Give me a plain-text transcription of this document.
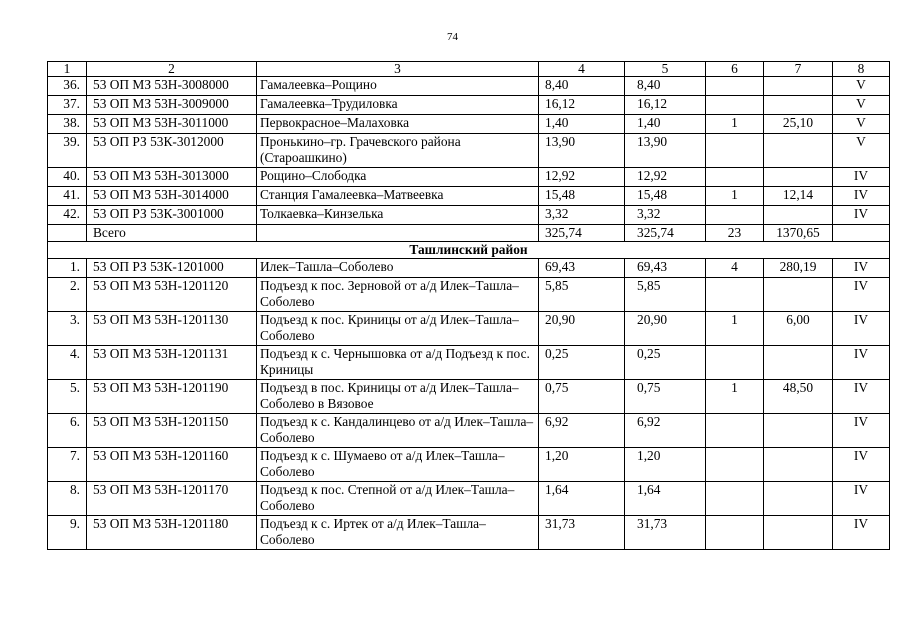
74
1	2	3	4	5	6	7	8
36.	53 ОП МЗ 53Н-3008000	Гамалеевка–Рощино	8,40	8,40			V
37.	53 ОП МЗ 53Н-3009000	Гамалеевка–Трудиловка	16,12	16,12			V
38.	53 ОП МЗ 53Н-3011000	Первокрасное–Малаховка	1,40	1,40	1	25,10	V
39.	53 ОП РЗ 53К-3012000	Пронькино–гр. Грачевского района (Староашкино)	13,90	13,90			V
40.	53 ОП МЗ 53Н-3013000	Рощино–Слободка	12,92	12,92			IV
41.	53 ОП МЗ 53Н-3014000	Станция Гамалеевка–Матвеевка	15,48	15,48	1	12,14	IV
42.	53 ОП РЗ 53К-3001000	Толкаевка–Кинзелька	3,32	3,32			IV
	Всего		325,74	325,74	23	1370,65	
Ташлинский район							
1.	53 ОП РЗ 53К-1201000	Илек–Ташла–Соболево	69,43	69,43	4	280,19	IV
2.	53 ОП МЗ 53Н-1201120	Подъезд к пос. Зерновой от а/д Илек–Ташла–Соболево	5,85	5,85			IV
3.	53 ОП МЗ 53Н-1201130	Подъезд к пос. Криницы от а/д Илек–Ташла–Соболево	20,90	20,90	1	6,00	IV
4.	53 ОП МЗ 53Н-1201131	Подъезд к с. Чернышовка от а/д Подъезд к пос. Криницы	0,25	0,25			IV
5.	53 ОП МЗ 53Н-1201190	Подъезд в пос. Криницы от а/д Илек–Ташла–Соболево в Вязовое	0,75	0,75	1	48,50	IV
6.	53 ОП МЗ 53Н-1201150	Подъезд к с. Кандалинцево от а/д Илек–Ташла–Соболево	6,92	6,92			IV
7.	53 ОП МЗ 53Н-1201160	Подъезд к с. Шумаево от а/д Илек–Ташла–Соболево	1,20	1,20			IV
8.	53 ОП МЗ 53Н-1201170	Подъезд к пос. Степной от а/д Илек–Ташла–Соболево	1,64	1,64			IV
9.	53 ОП МЗ 53Н-1201180	Подъезд к с. Иртек от а/д Илек–Ташла–Соболево	31,73	31,73			IV
